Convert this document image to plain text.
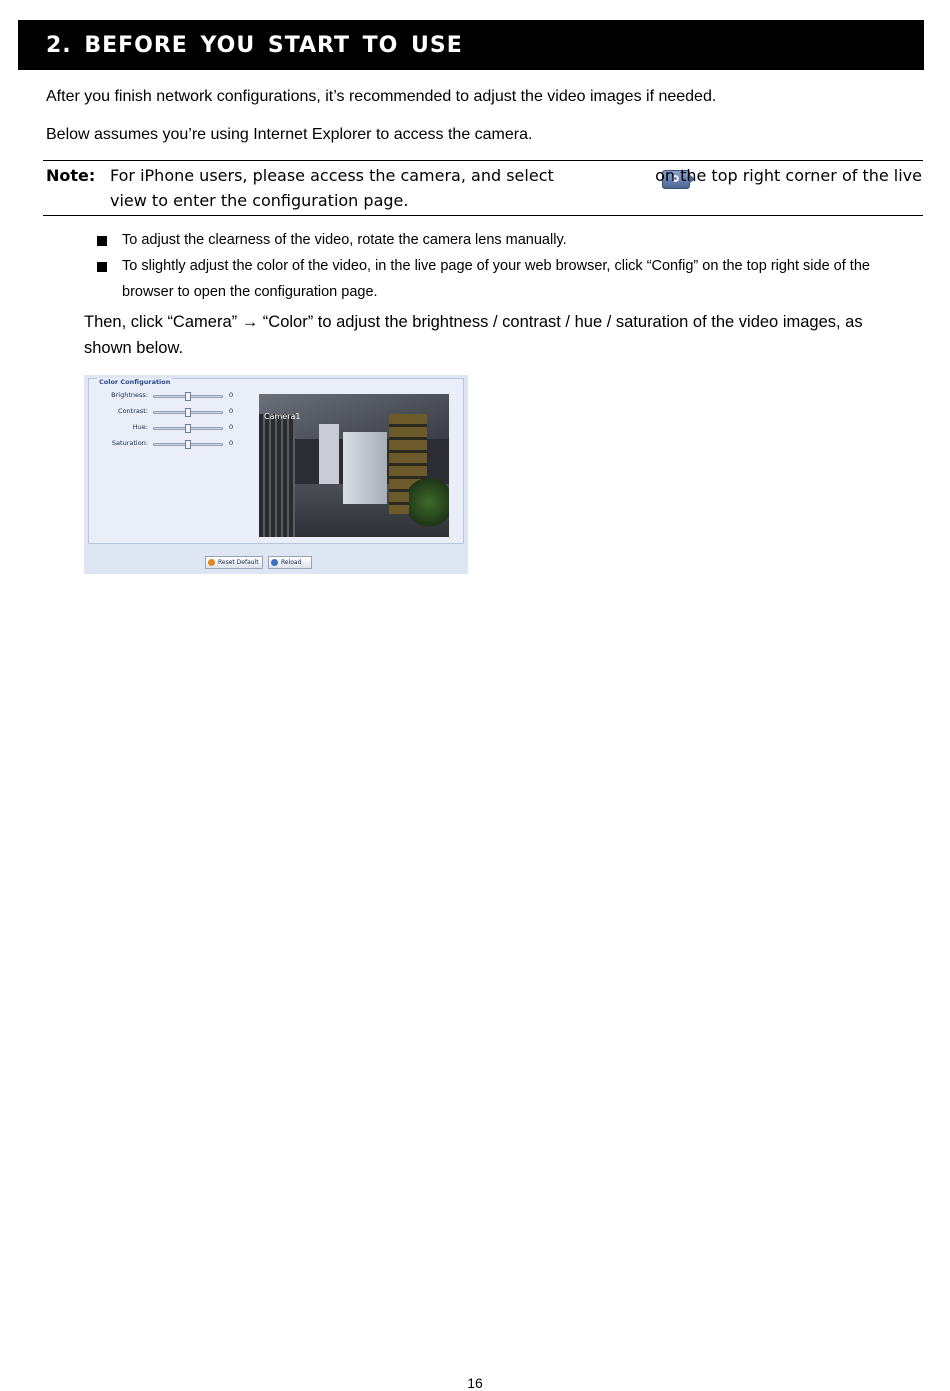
2. BEFORE YOU START TO USE
After you finish network configurations, it’s recommended to adjust the video images if needed.
Below assumes you’re using Internet Explorer to access the camera.
Note: For iPhone users, please access the camera, and select	on the top right corner of the live
view to enter the configuration page.
To adjust the clearness of the video, rotate the camera lens manually.
To slightly adjust the color of the video, in the live page of your web browser, click “Config” on the top right side of the
browser to open the configuration page.
Then, click “Camera” → “Color” to adjust the brightness / contrast / hue / saturation of the video images, as
shown below.
Color Configuration
Brightness:	0
Contrast:	0
Hue:	0
Saturation:	0
Camera1
Reset Default	Reload
16
